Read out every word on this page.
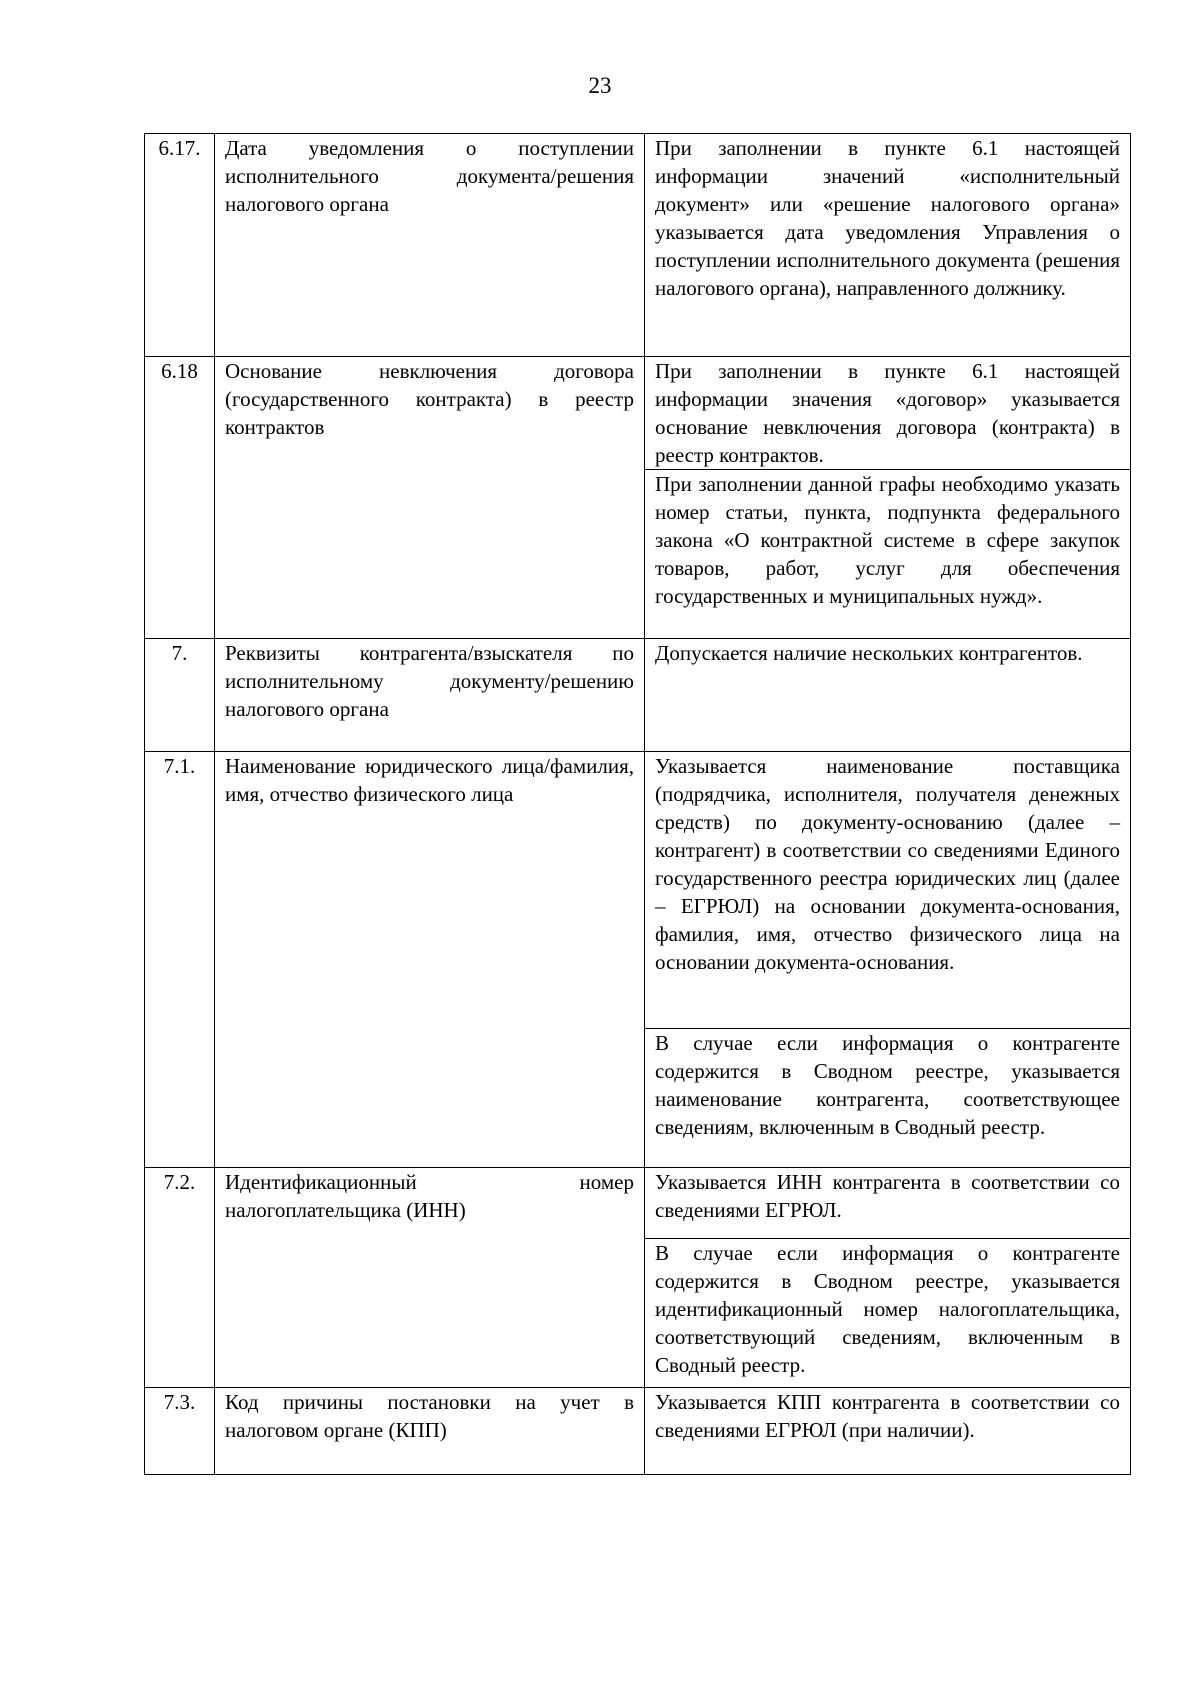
23
6.17.	Дата уведомления о поступлении исполнительного документа/решения налогового органа	При заполнении в пункте 6.1 настоящей информации значений «исполнительный документ» или «решение налогового органа» указывается дата уведомления Управления о поступлении исполнительного документа (решения налогового органа), направленного должнику.
6.18	Основание невключения договора (государственного контракта) в реестр контрактов	При заполнении в пункте 6.1 настоящей информации значения «договор» указывается основание невключения договора (контракта) в реестр контрактов.
		При заполнении данной графы необходимо указать номер статьи, пункта, подпункта федерального закона «О контрактной системе в сфере закупок товаров, работ, услуг для обеспечения государственных и муниципальных нужд».
7.	Реквизиты контрагента/взыскателя по исполнительному документу/решению налогового органа	Допускается наличие нескольких контрагентов.
7.1.	Наименование юридического лица/фамилия, имя, отчество физического лица	Указывается наименование поставщика (подрядчика, исполнителя, получателя денежных средств) по документу-основанию (далее – контрагент) в соответствии со сведениями Единого государственного реестра юридических лиц (далее – ЕГРЮЛ) на основании документа-основания, фамилия, имя, отчество физического лица на основании документа-основания.
		В случае если информация о контрагенте содержится в Сводном реестре, указывается наименование контрагента, соответствующее сведениям, включенным в Сводный реестр.
7.2.	Идентификационный номер налогоплательщика (ИНН)	Указывается ИНН контрагента в соответствии со сведениями ЕГРЮЛ.
		В случае если информация о контрагенте содержится в Сводном реестре, указывается идентификационный номер налогоплательщика, соответствующий сведениям, включенным в Сводный реестр.
7.3.	Код причины постановки на учет в налоговом органе (КПП)	Указывается КПП контрагента в соответствии со сведениями ЕГРЮЛ (при наличии).
